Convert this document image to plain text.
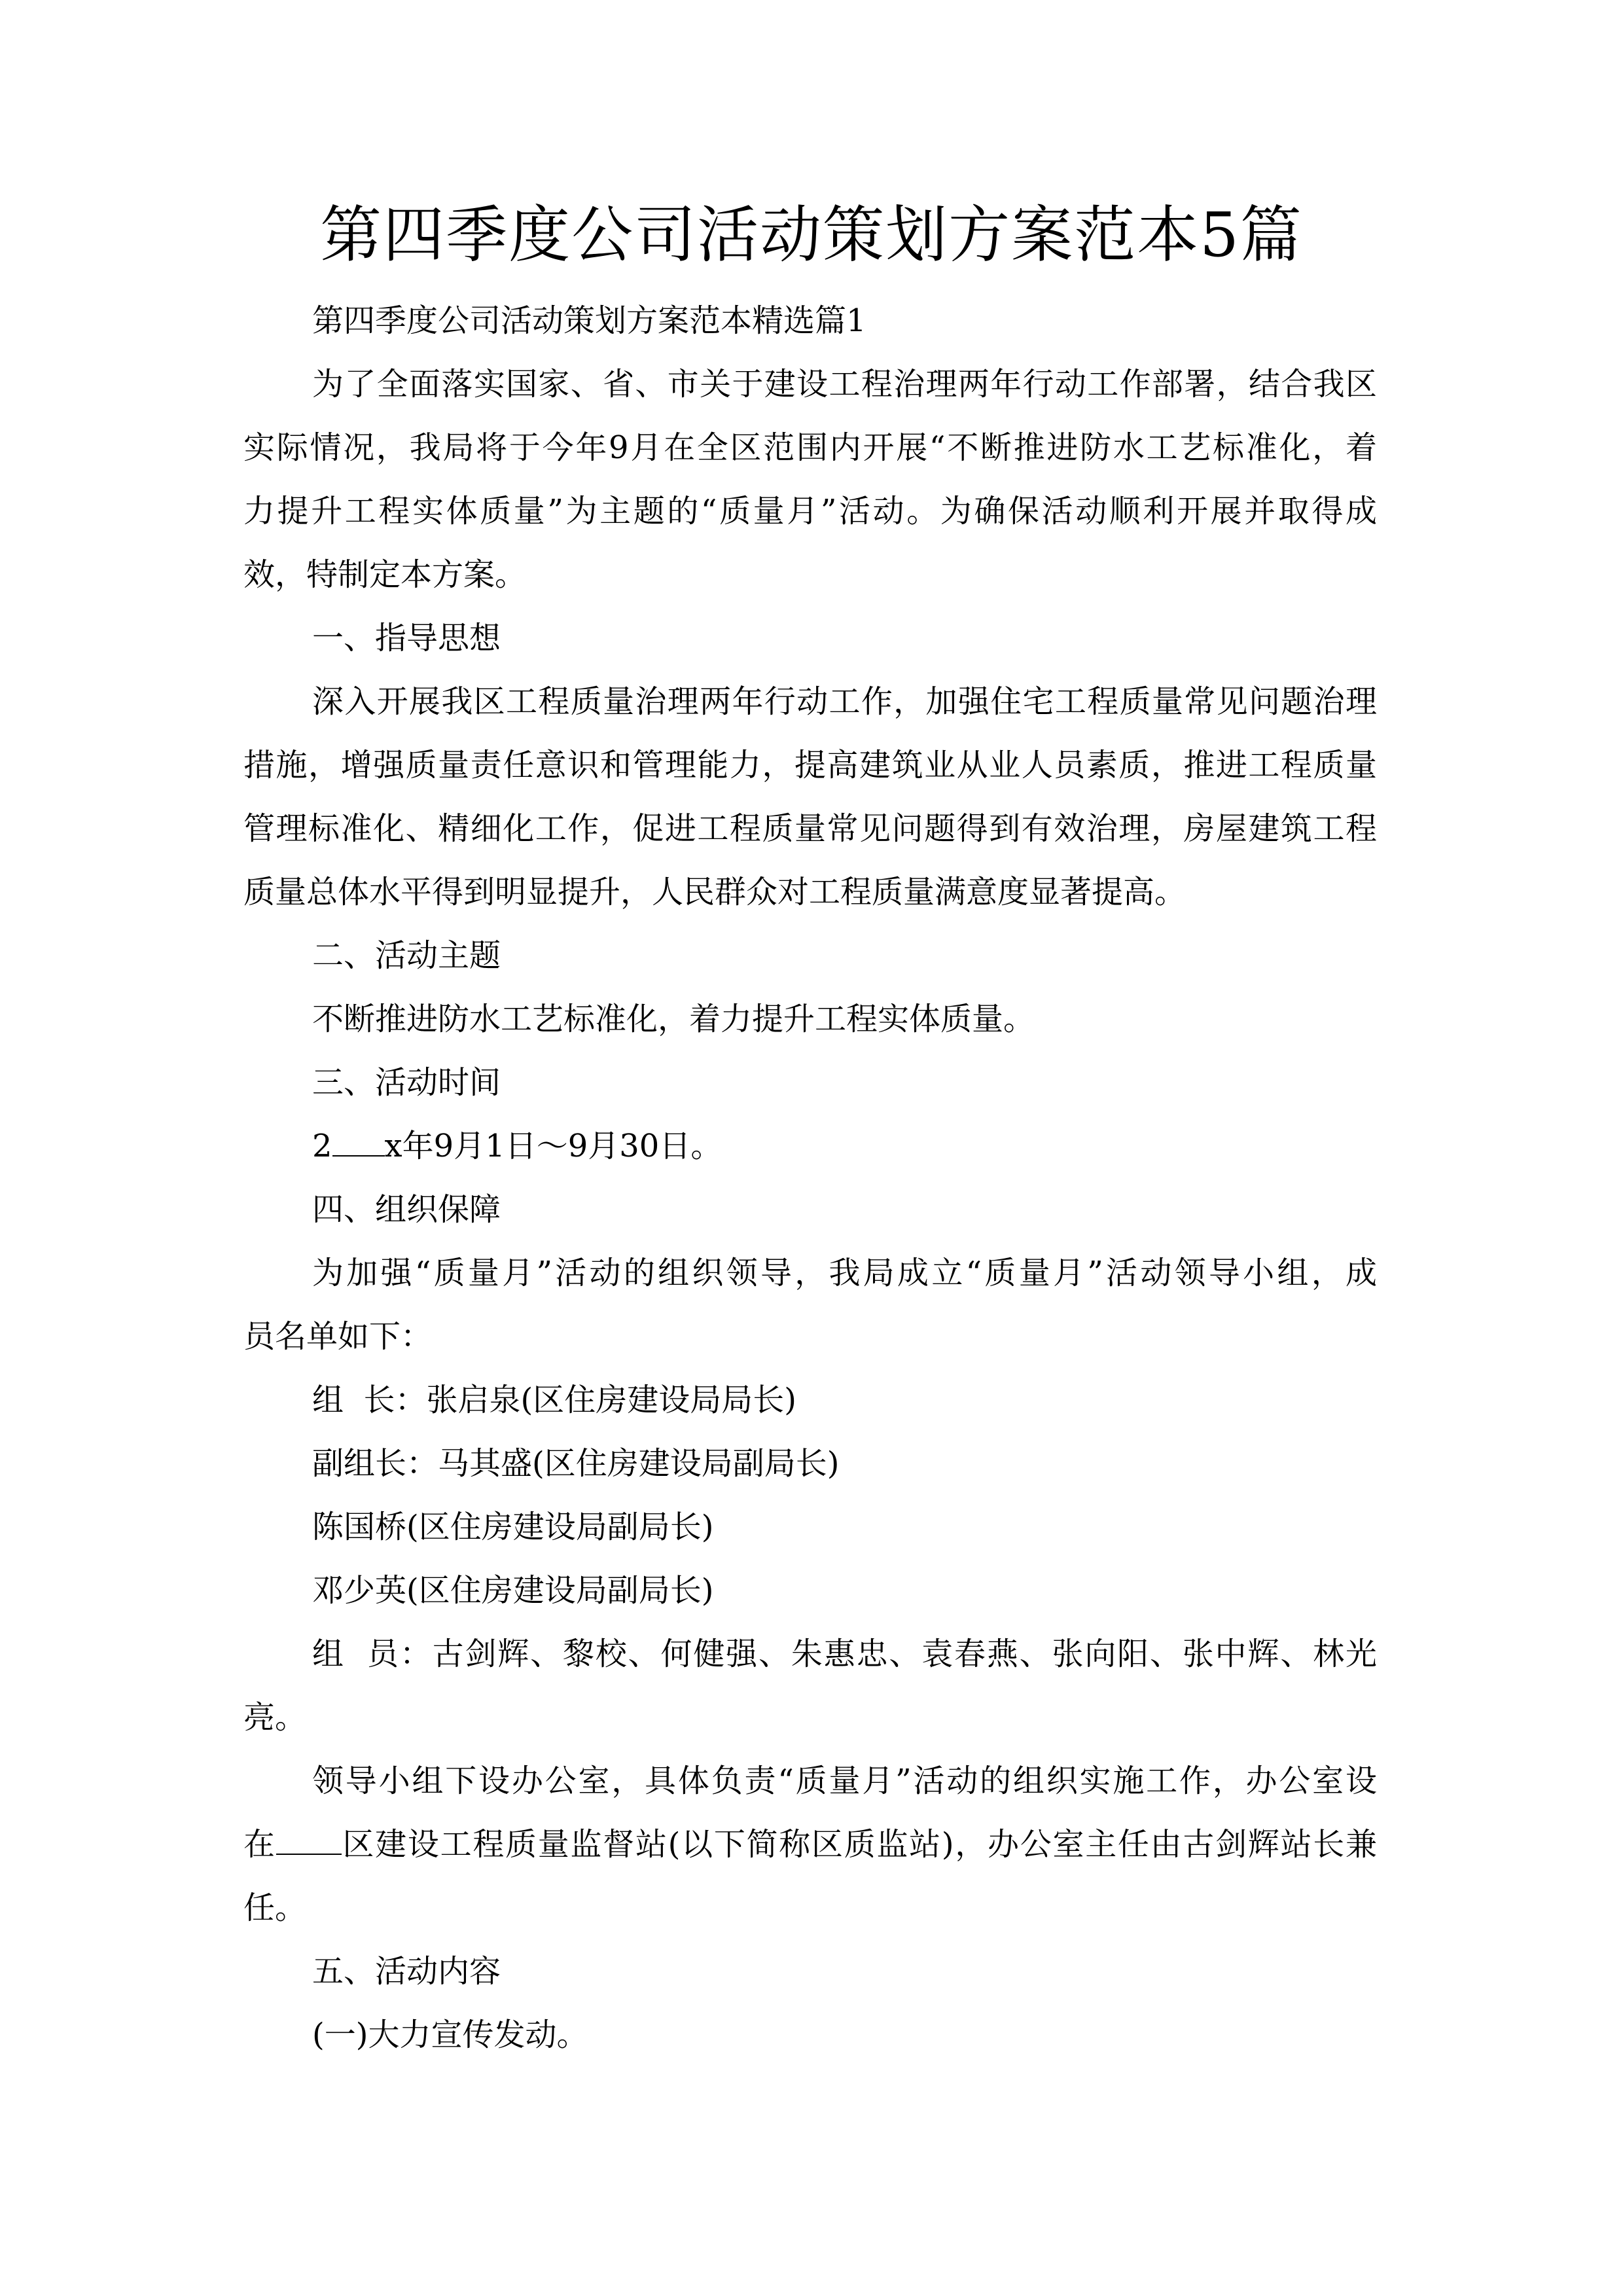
第四季度公司活动策划方案范本5篇
第四季度公司活动策划方案范本精选篇1
为了全面落实国家、省、市关于建设工程治理两年行动工作部署，结合我区
实际情况，我局将于今年9月在全区范围内开展“不断推进防水工艺标准化，着
力提升工程实体质量”为主题的“质量月”活动。为确保活动顺利开展并取得成
效，特制定本方案。
一、指导思想
深入开展我区工程质量治理两年行动工作，加强住宅工程质量常见问题治理
措施，增强质量责任意识和管理能力，提高建筑业从业人员素质，推进工程质量
管理标准化、精细化工作，促进工程质量常见问题得到有效治理，房屋建筑工程
质量总体水平得到明显提升，人民群众对工程质量满意度显著提高。
二、活动主题
不断推进防水工艺标准化，着力提升工程实体质量。
三、活动时间
2 x年9月1日～9月30日。
四、组织保障
为加强“质量月”活动的组织领导，我局成立“质量月”活动领导小组，成
员名单如下：
组  长：张启泉(区住房建设局局长)
副组长：马其盛(区住房建设局副局长)
陈国桥(区住房建设局副局长)
邓少英(区住房建设局副局长)
组  员：古剑辉、黎校、何健强、朱惠忠、袁春燕、张向阳、张中辉、林光
亮。
领导小组下设办公室，具体负责“质量月”活动的组织实施工作，办公室设
在 区建设工程质量监督站(以下简称区质监站)，办公室主任由古剑辉站长兼
任。
五、活动内容
(一)大力宣传发动。
